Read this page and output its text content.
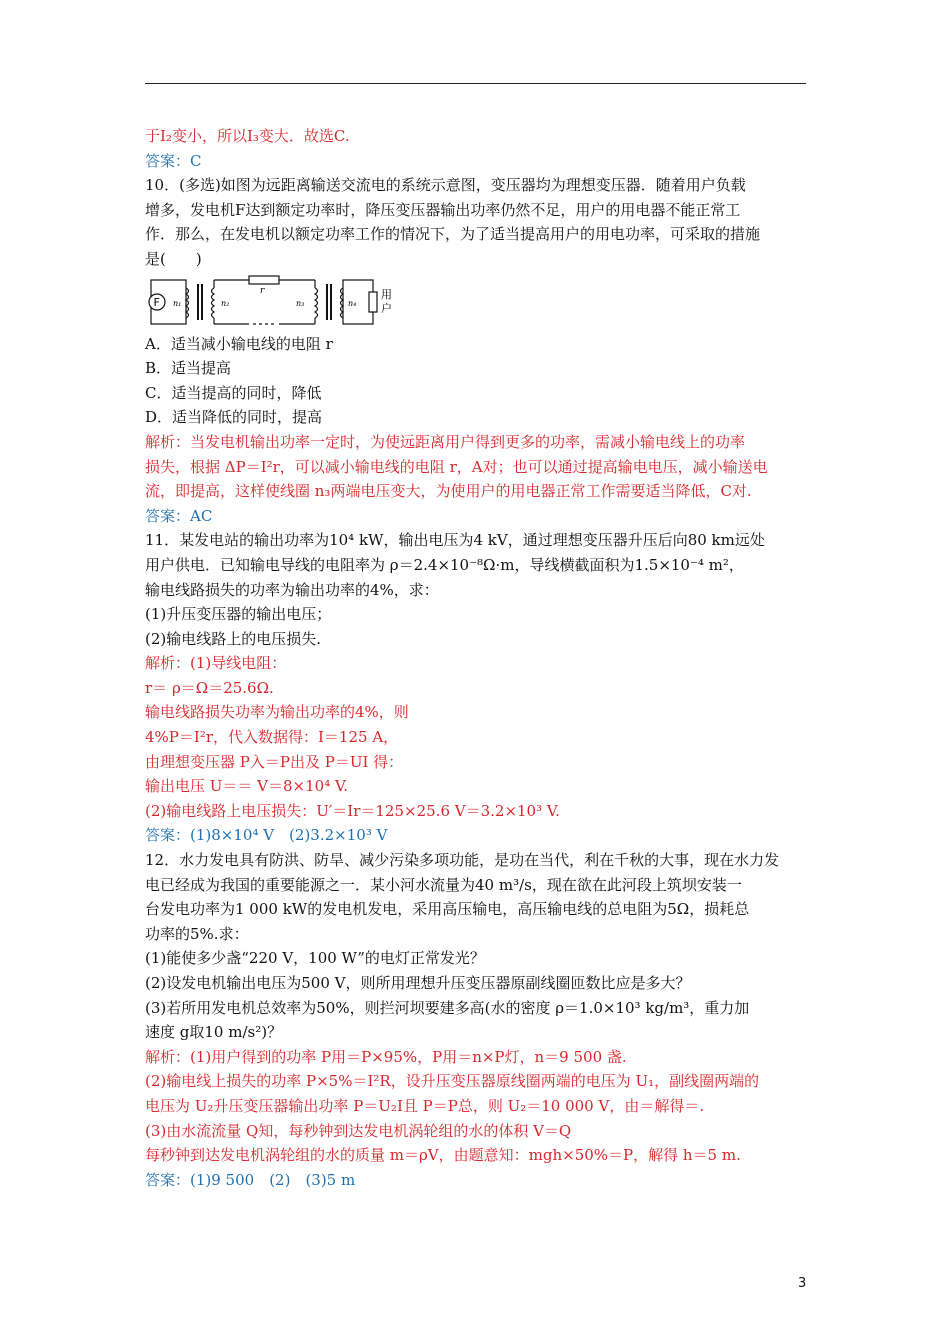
于I₂变小，所以I₃变大．故选C.
答案：C
10．(多选)如图为远距离输送交流电的系统示意图，变压器均为理想变压器．随着用户负载
增多，发电机F达到额定功率时，降压变压器输出功率仍然不足，用户的用电器不能正常工
作．那么，在发电机以额定功率工作的情况下，为了适当提高用户的用电功率，可采取的措施
是(　　)
F n₁	n₂
r
n₃	n₄
用 户
A．适当减小输电线的电阻 r
B．适当提高
C．适当提高的同时，降低
D．适当降低的同时，提高
解析：当发电机输出功率一定时，为使远距离用户得到更多的功率，需减小输电线上的功率
损失，根据 ΔP＝I²r，可以减小输电线的电阻 r，A对；也可以通过提高输电电压，减小输送电
流，即提高，这样使线圈 n₃两端电压变大，为使用户的用电器正常工作需要适当降低，C对.
答案：AC
11．某发电站的输出功率为10⁴ kW，输出电压为4 kV，通过理想变压器升压后向80 km远处
用户供电．已知输电导线的电阻率为 ρ＝2.4×10⁻⁸Ω·m，导线横截面积为1.5×10⁻⁴ m²，
输电线路损失的功率为输出功率的4%，求：
(1)升压变压器的输出电压；
(2)输电线路上的电压损失.
解析：(1)导线电阻：
r＝ ρ＝Ω＝25.6Ω.
输电线路损失功率为输出功率的4%，则
4%P＝I²r，代入数据得：I＝125 A，
由理想变压器 P入＝P出及 P＝UI 得：
输出电压 U＝＝ V＝8×10⁴ V.
(2)输电线路上电压损失：U′＝Ir＝125×25.6 V＝3.2×10³ V.
答案：(1)8×10⁴ V　(2)3.2×10³ V
12．水力发电具有防洪、防旱、减少污染多项功能，是功在当代，利在千秋的大事，现在水力发
电已经成为我国的重要能源之一．某小河水流量为40 m³/s，现在欲在此河段上筑坝安装一
台发电功率为1 000 kW的发电机发电，采用高压输电，高压输电线的总电阻为5Ω，损耗总
功率的5%.求：
(1)能使多少盏“220 V，100 W”的电灯正常发光？
(2)设发电机输出电压为500 V，则所用理想升压变压器原副线圈匝数比应是多大？
(3)若所用发电机总效率为50%，则拦河坝要建多高(水的密度 ρ＝1.0×10³ kg/m³，重力加
速度 g取10 m/s²)？
解析：(1)用户得到的功率 P用＝P×95%，P用＝n×P灯，n＝9 500 盏.
(2)输电线上损失的功率 P×5%＝I²R，设升压变压器原线圈两端的电压为 U₁，副线圈两端的
电压为 U₂升压变压器输出功率 P＝U₂I且 P＝P总，则 U₂＝10 000 V，由＝解得＝.
(3)由水流流量 Q知，每秒钟到达发电机涡轮组的水的体积 V＝Q
每秒钟到达发电机涡轮组的水的质量 m＝ρV，由题意知：mgh×50%＝P，解得 h＝5 m.
答案：(1)9 500　(2)　(3)5 m
3
